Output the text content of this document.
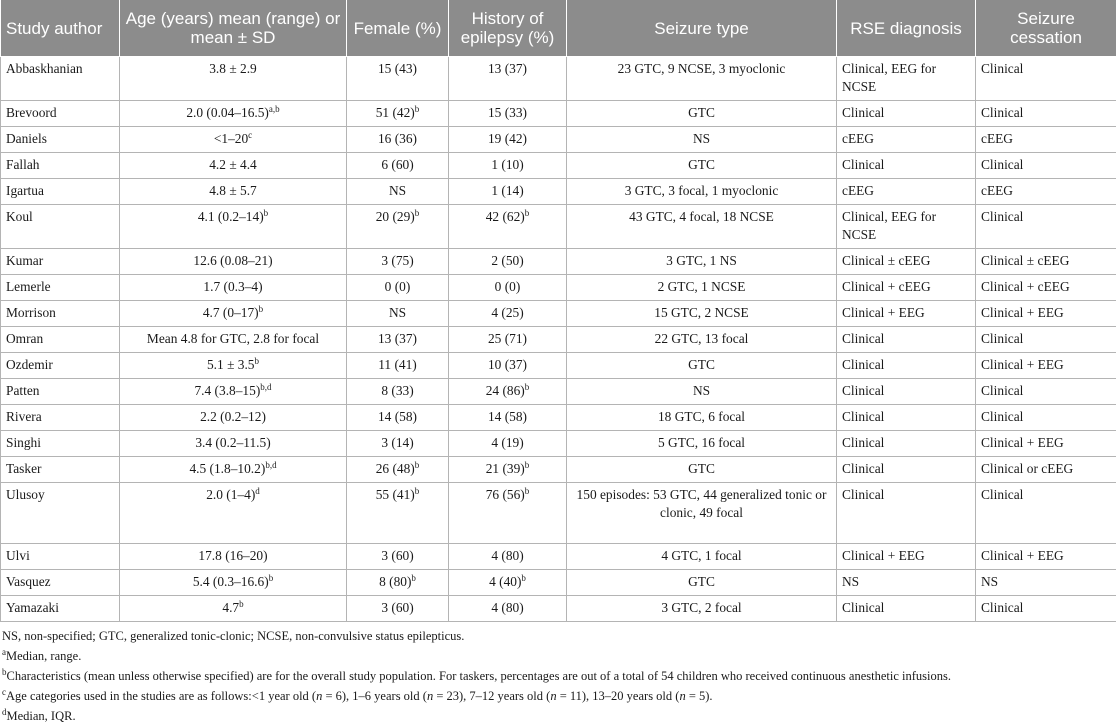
Study author	Age (years) mean (range) or mean ± SD	Female (%)	History of epilepsy (%)	Seizure type	RSE diagnosis	Seizure cessation
Abbaskhanian	3.8 ± 2.9	15 (43)	13 (37)	23 GTC, 9 NCSE, 3 myoclonic	Clinical, EEG for NCSE	Clinical
Brevoord	2.0 $(0.04-16.5)^{a,b}$	51 $(42)^b$	15 (33)	GTC	Clinical	Clinical
Daniels	$<1-20^c$	16 (36)	19 (42)	NS	cEEG	cEEG
Fallah	4.2 ± 4.4	6 (60)	1 (10)	GTC	Clinical	Clinical
Igartua	4.8 ± 5.7	NS	1 (14)	3 GTC, 3 focal, 1 myoclonic	cEEG	cEEG
Koul	4.1 $(0.2-14)^b$	20 $(29)^b$	42 $(62)^b$	43 GTC, 4 focal, 18 NCSE	Clinical, EEG for NCSE	Clinical
Kumar	12.6 (0.08–21)	3 (75)	2 (50)	3 GTC, 1 NS	Clinical ± cEEG	Clinical ± cEEG
Lemerle	1.7 (0.3–4)	0 (0)	0 (0)	2 GTC, 1 NCSE	Clinical + cEEG	Clinical + cEEG
Morrison	4.7 $(0-17)^b$	NS	4 (25)	15 GTC, 2 NCSE	Clinical + EEG	Clinical + EEG
Omran	Mean 4.8 for GTC, 2.8 for focal	13 (37)	25 (71)	22 GTC, 13 focal	Clinical	Clinical
Ozdemir	5.1 ± 3.5$^b$	11 (41)	10 (37)	GTC	Clinical	Clinical + EEG
Patten	7.4 $(3.8-15)^{b,d}$	8 (33)	24 $(86)^b$	NS	Clinical	Clinical
Rivera	2.2 (0.2–12)	14 (58)	14 (58)	18 GTC, 6 focal	Clinical	Clinical
Singhi	3.4 (0.2–11.5)	3 (14)	4 (19)	5 GTC, 16 focal	Clinical	Clinical + EEG
Tasker	4.5 $(1.8-10.2)^{b,d}$	26 $(48)^b$	21 $(39)^b$	GTC	Clinical	Clinical or cEEG
Ulusoy	2.0 $(1-4)^d$	55 $(41)^b$	76 $(56)^b$	150 episodes: 53 GTC, 44 generalized tonic or clonic, 49 focal	Clinical	Clinical
Ulvi	17.8 (16–20)	3 (60)	4 (80)	4 GTC, 1 focal	Clinical + EEG	Clinical + EEG
Vasquez	5.4 $(0.3-16.6)^b$	8 $(80)^b$	4 $(40)^b$	GTC	NS	NS
Yamazaki	4.7$^b$	3 (60)	4 (80)	3 GTC, 2 focal	Clinical	Clinical
NS, non-specified; GTC, generalized tonic-clonic; NCSE, non-convulsive status epilepticus.
$^a$Median, range.
$^b$Characteristics (mean unless otherwise specified) are for the overall study population. For taskers, percentages are out of a total of 54 children who received continuous anesthetic infusions.
$^c$Age categories used in the studies are as follows:<1 year old (n = 6), 1–6 years old (n = 23), 7–12 years old (n = 11), 13–20 years old (n = 5).
$^d$Median, IQR.
